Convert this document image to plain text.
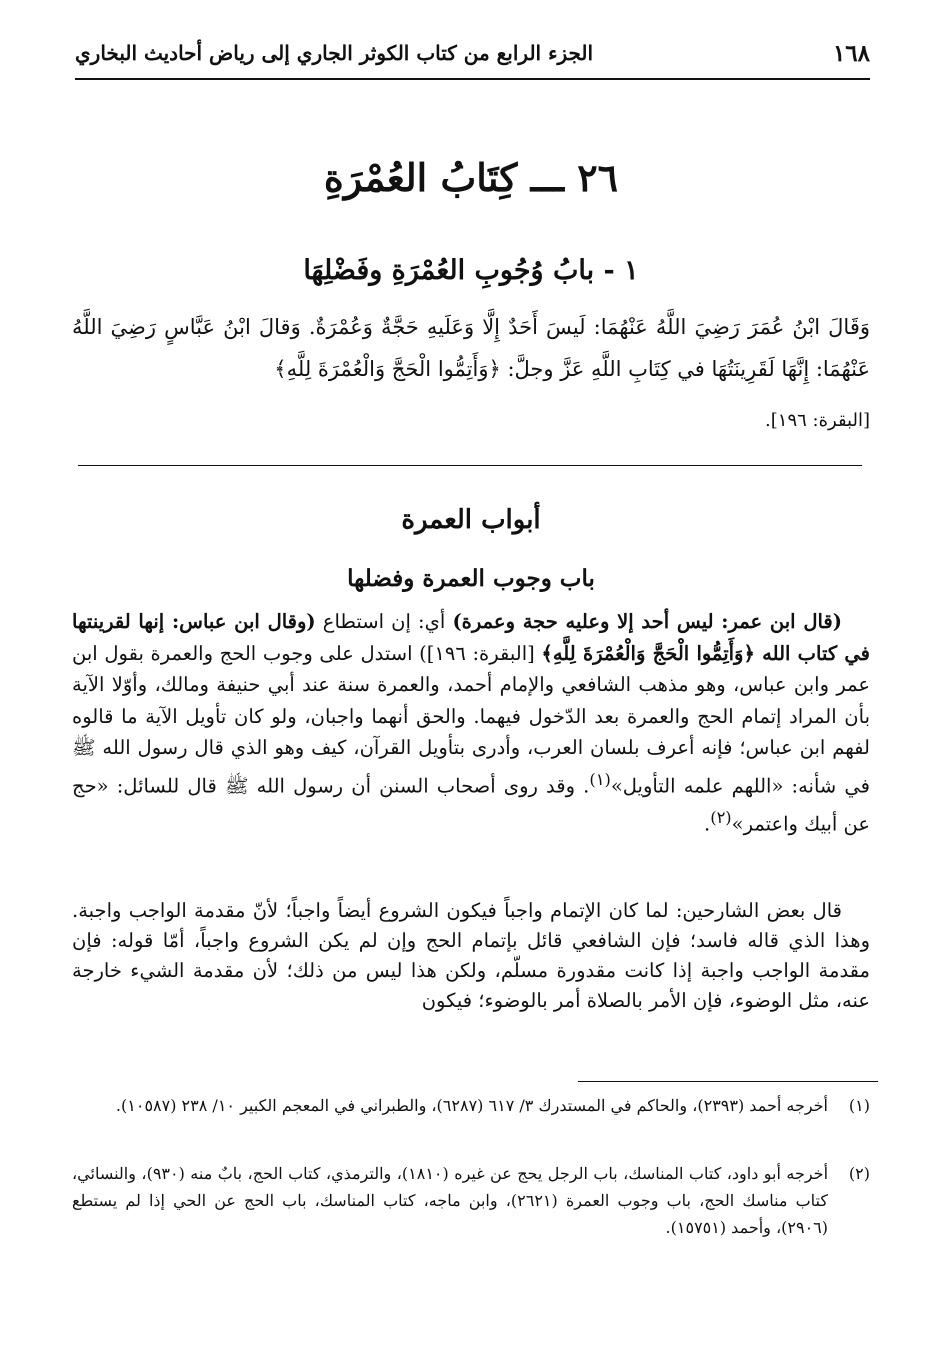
١٦٨
الجزء الرابع من كتاب الكوثر الجاري إلى رياض أحاديث البخاري
٢٦ ـــ كِتَابُ العُمْرَةِ
١ - بابُ وُجُوبِ العُمْرَةِ وفَضْلِهَا
وَقَالَ ابْنُ عُمَرَ رَضِيَ اللَّهُ عَنْهُمَا: لَيسَ أَحَدٌ إِلَّا وَعَلَيهِ حَجَّةٌ وَعُمْرَةٌ. وَقالَ ابْنُ عَبَّاسٍ رَضِيَ اللَّهُ عَنْهُمَا: إِنَّهَا لَقَرِينَتُهَا في كِتَابِ اللَّهِ عَزَّ وجلَّ: ﴿وَأَتِمُّوا الْحَجَّ وَالْعُمْرَةَ لِلَّهِ﴾
[البقرة: ١٩٦].
أبواب العمرة
باب وجوب العمرة وفضلها
(قال ابن عمر: ليس أحد إلا وعليه حجة وعمرة) أي: إن استطاع (وقال ابن عباس: إنها لقرينتها في كتاب الله ﴿وَأَتِمُّوا الْحَجَّ وَالْعُمْرَةَ لِلَّهِ﴾ [البقرة: ١٩٦]) استدل على وجوب الحج والعمرة بقول ابن عمر وابن عباس، وهو مذهب الشافعي والإمام أحمد، والعمرة سنة عند أبي حنيفة ومالك، وأوّلا الآية بأن المراد إتمام الحج والعمرة بعد الدّخول فيهما. والحق أنهما واجبان، ولو كان تأويل الآية ما قالوه لفهم ابن عباس؛ فإنه أعرف بلسان العرب، وأدرى بتأويل القرآن، كيف وهو الذي قال رسول الله ﷺ في شأنه: «اللهم علمه التأويل»$^{(١)}$. وقد روى أصحاب السنن أن رسول الله ﷺ قال للسائل: «حج عن أبيك واعتمر»$^{(٢)}$.
قال بعض الشارحين: لما كان الإتمام واجباً فيكون الشروع أيضاً واجباً؛ لأنّ مقدمة الواجب واجبة. وهذا الذي قاله فاسد؛ فإن الشافعي قائل بإتمام الحج وإن لم يكن الشروع واجباً، أمّا قوله: فإن مقدمة الواجب واجبة إذا كانت مقدورة مسلّم، ولكن هذا ليس من ذلك؛ لأن مقدمة الشيء خارجة عنه، مثل الوضوء، فإن الأمر بالصلاة أمر بالوضوء؛ فيكون
(١)
أخرجه أحمد (٢٣٩٣)، والحاكم في المستدرك ٣/ ٦١٧ (٦٢٨٧)، والطبراني في المعجم الكبير ١٠/ ٢٣٨ (١٠٥٨٧).
(٢)
أخرجه أبو داود، كتاب المناسك، باب الرجل يحج عن غيره (١٨١٠)، والترمذي، كتاب الحج، بابٌ منه (٩٣٠)، والنسائي، كتاب مناسك الحج، باب وجوب العمرة (٢٦٢١)، وابن ماجه، كتاب المناسك، باب الحج عن الحي إذا لم يستطع (٢٩٠٦)، وأحمد (١٥٧٥١).
